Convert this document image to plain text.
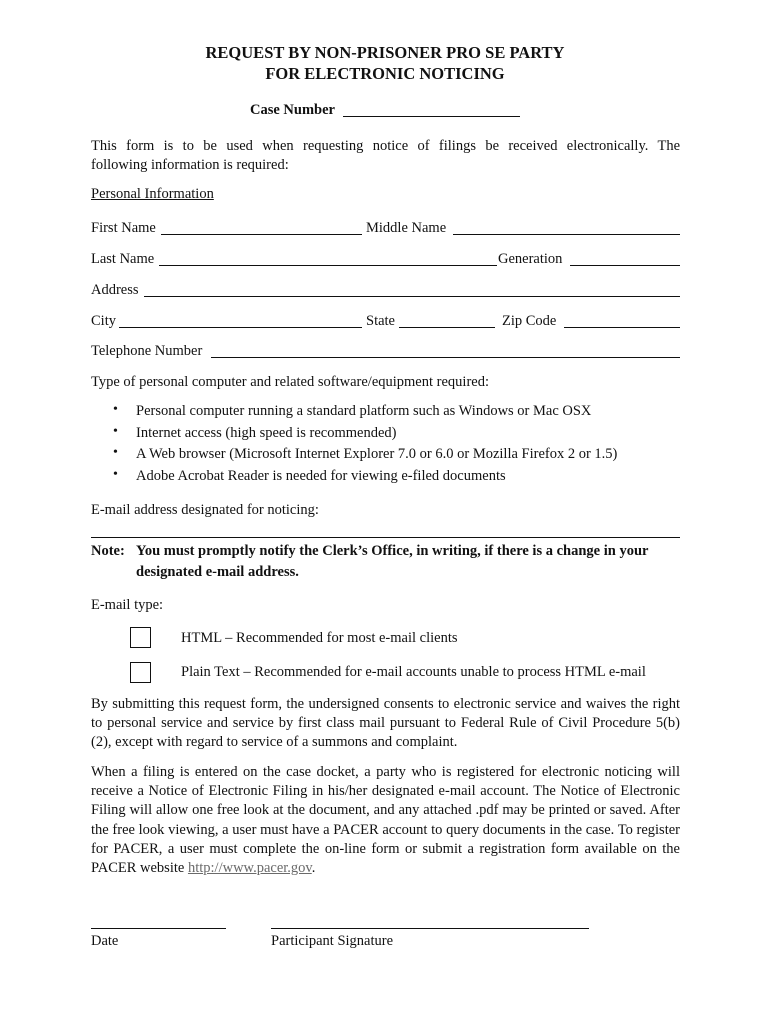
REQUEST BY NON-PRISONER PRO SE PARTY
FOR ELECTRONIC NOTICING
Case Number
This form is to be used when requesting notice of filings be received electronically. The
following information is required:
Personal Information
First Name	Middle Name
Last Name	Generation
Address
City	State	Zip Code
Telephone Number
Type of personal computer and related software/equipment required:
• Personal computer running a standard platform such as Windows or Mac OSX
• Internet access (high speed is recommended)
• A Web browser (Microsoft Internet Explorer 7.0 or 6.0 or Mozilla Firefox 2 or 1.5)
• Adobe Acrobat Reader is needed for viewing e-filed documents
E-mail address designated for noticing:
Note: You must promptly notify the Clerk’s Office, in writing, if there is a change in your
designated e-mail address.
E-mail type:
HTML – Recommended for most e-mail clients
Plain Text – Recommended for e-mail accounts unable to process HTML e-mail
By submitting this request form, the undersigned consents to electronic service and waives the right to personal service and service by first class mail pursuant to Federal Rule of Civil Procedure 5(b)(2), except with regard to service of a summons and complaint.
When a filing is entered on the case docket, a party who is registered for electronic noticing will receive a Notice of Electronic Filing in his/her designated e-mail account. The Notice of Electronic Filing will allow one free look at the document, and any attached .pdf may be printed or saved. After the free look viewing, a user must have a PACER account to query documents in the case. To register for PACER, a user must complete the on-line form or submit a registration form available on the PACER website http://www.pacer.gov.
Date	Participant Signature
